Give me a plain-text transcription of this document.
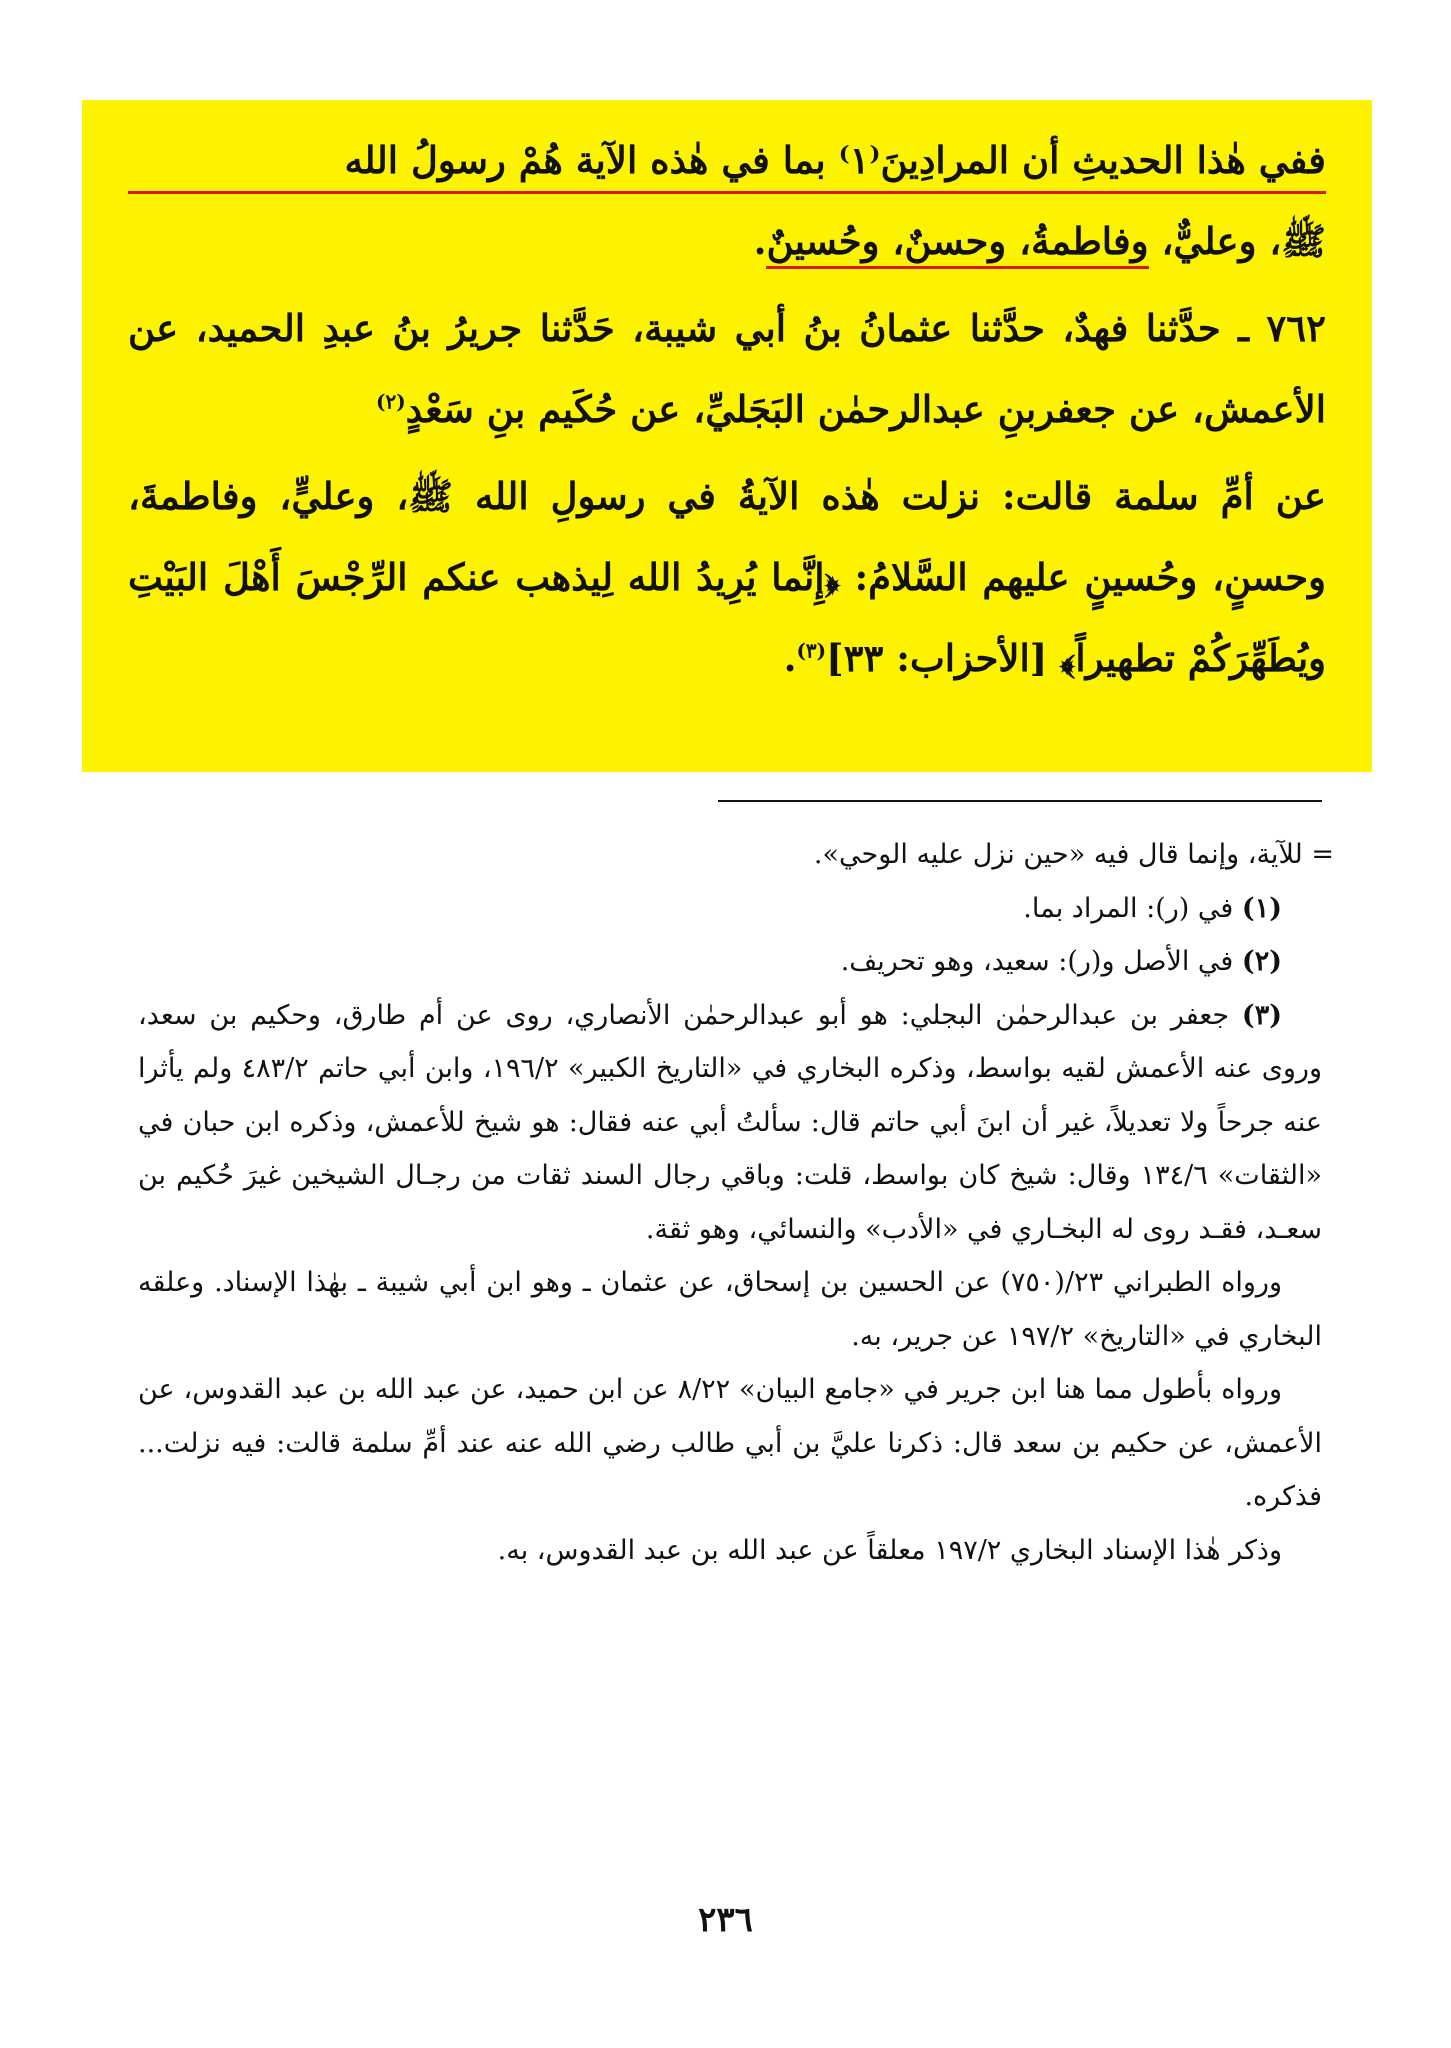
ففي هٰذا الحديثِ أن المرادِينَ⁽١⁾ بما في هٰذه الآية هُمْ رسولُ الله
ﷺ، وعليٌّ، وفاطمةُ، وحسنٌ، وحُسينٌ.

٧٦٢ ـ حدَّثنا فهدٌ، حدَّثنا عثمانُ بنُ أبي شيبة، حَدَّثنا جريرُ بنُ عبدِ الحميد، عن الأعمش، عن جعفربنِ عبدالرحمٰن البَجَليِّ، عن حُكَيم بنِ سَعْدٍ$^{(٢)}$

عن أمِّ سلمة قالت: نزلت هٰذه الآيةُ في رسولِ الله ﷺ، وعليٍّ، وفاطمةَ، وحسنٍ، وحُسينٍ عليهم السَّلامُ: ﴿إِنَّما يُرِيدُ الله لِيذهب عنكم الرِّجْسَ أَهْلَ البَيْتِ ويُطَهِّرَكُمْ تطهيراً﴾ [الأحزاب: ٣٣]$^{(٣)}$.

= للآية، وإنما قال فيه «حين نزل عليه الوحي».

(١) في (ر): المراد بما.

(٢) في الأصل و(ر): سعيد، وهو تحريف.

(٣) جعفر بن عبدالرحمٰن البجلي: هو أبو عبدالرحمٰن الأنصاري، روى عن أم طارق، وحكيم بن سعد، وروى عنه الأعمش لقيه بواسط، وذكره البخاري في «التاريخ الكبير» ١٩٦/٢، وابن أبي حاتم ٤٨٣/٢ ولم يأثرا عنه جرحاً ولا تعديلاً، غير أن ابنَ أبي حاتم قال: سألتُ أبي عنه فقال: هو شيخ للأعمش، وذكره ابن حبان في «الثقات» ١٣٤/٦ وقال: شيخ كان بواسط، قلت: وباقي رجال السند ثقات من رجـال الشيخين غيرَ حُكيم بن سعـد، فقـد روى له البخـاري في «الأدب» والنسائي، وهو ثقة.

ورواه الطبراني ٢٣/(٧٥٠) عن الحسين بن إسحاق، عن عثمان ـ وهو ابن أبي شيبة ـ بهٰذا الإسناد. وعلقه البخاري في «التاريخ» ١٩٧/٢ عن جرير، به.

ورواه بأطول مما هنا ابن جرير في «جامع البيان» ٨/٢٢ عن ابن حميد، عن عبد الله بن عبد القدوس، عن الأعمش، عن حكيم بن سعد قال: ذكرنا عليَّ بن أبي طالب رضي الله عنه عند أمِّ سلمة قالت: فيه نزلت... فذكره.

وذكر هٰذا الإسناد البخاري ١٩٧/٢ معلقاً عن عبد الله بن عبد القدوس، به.

٢٣٦
